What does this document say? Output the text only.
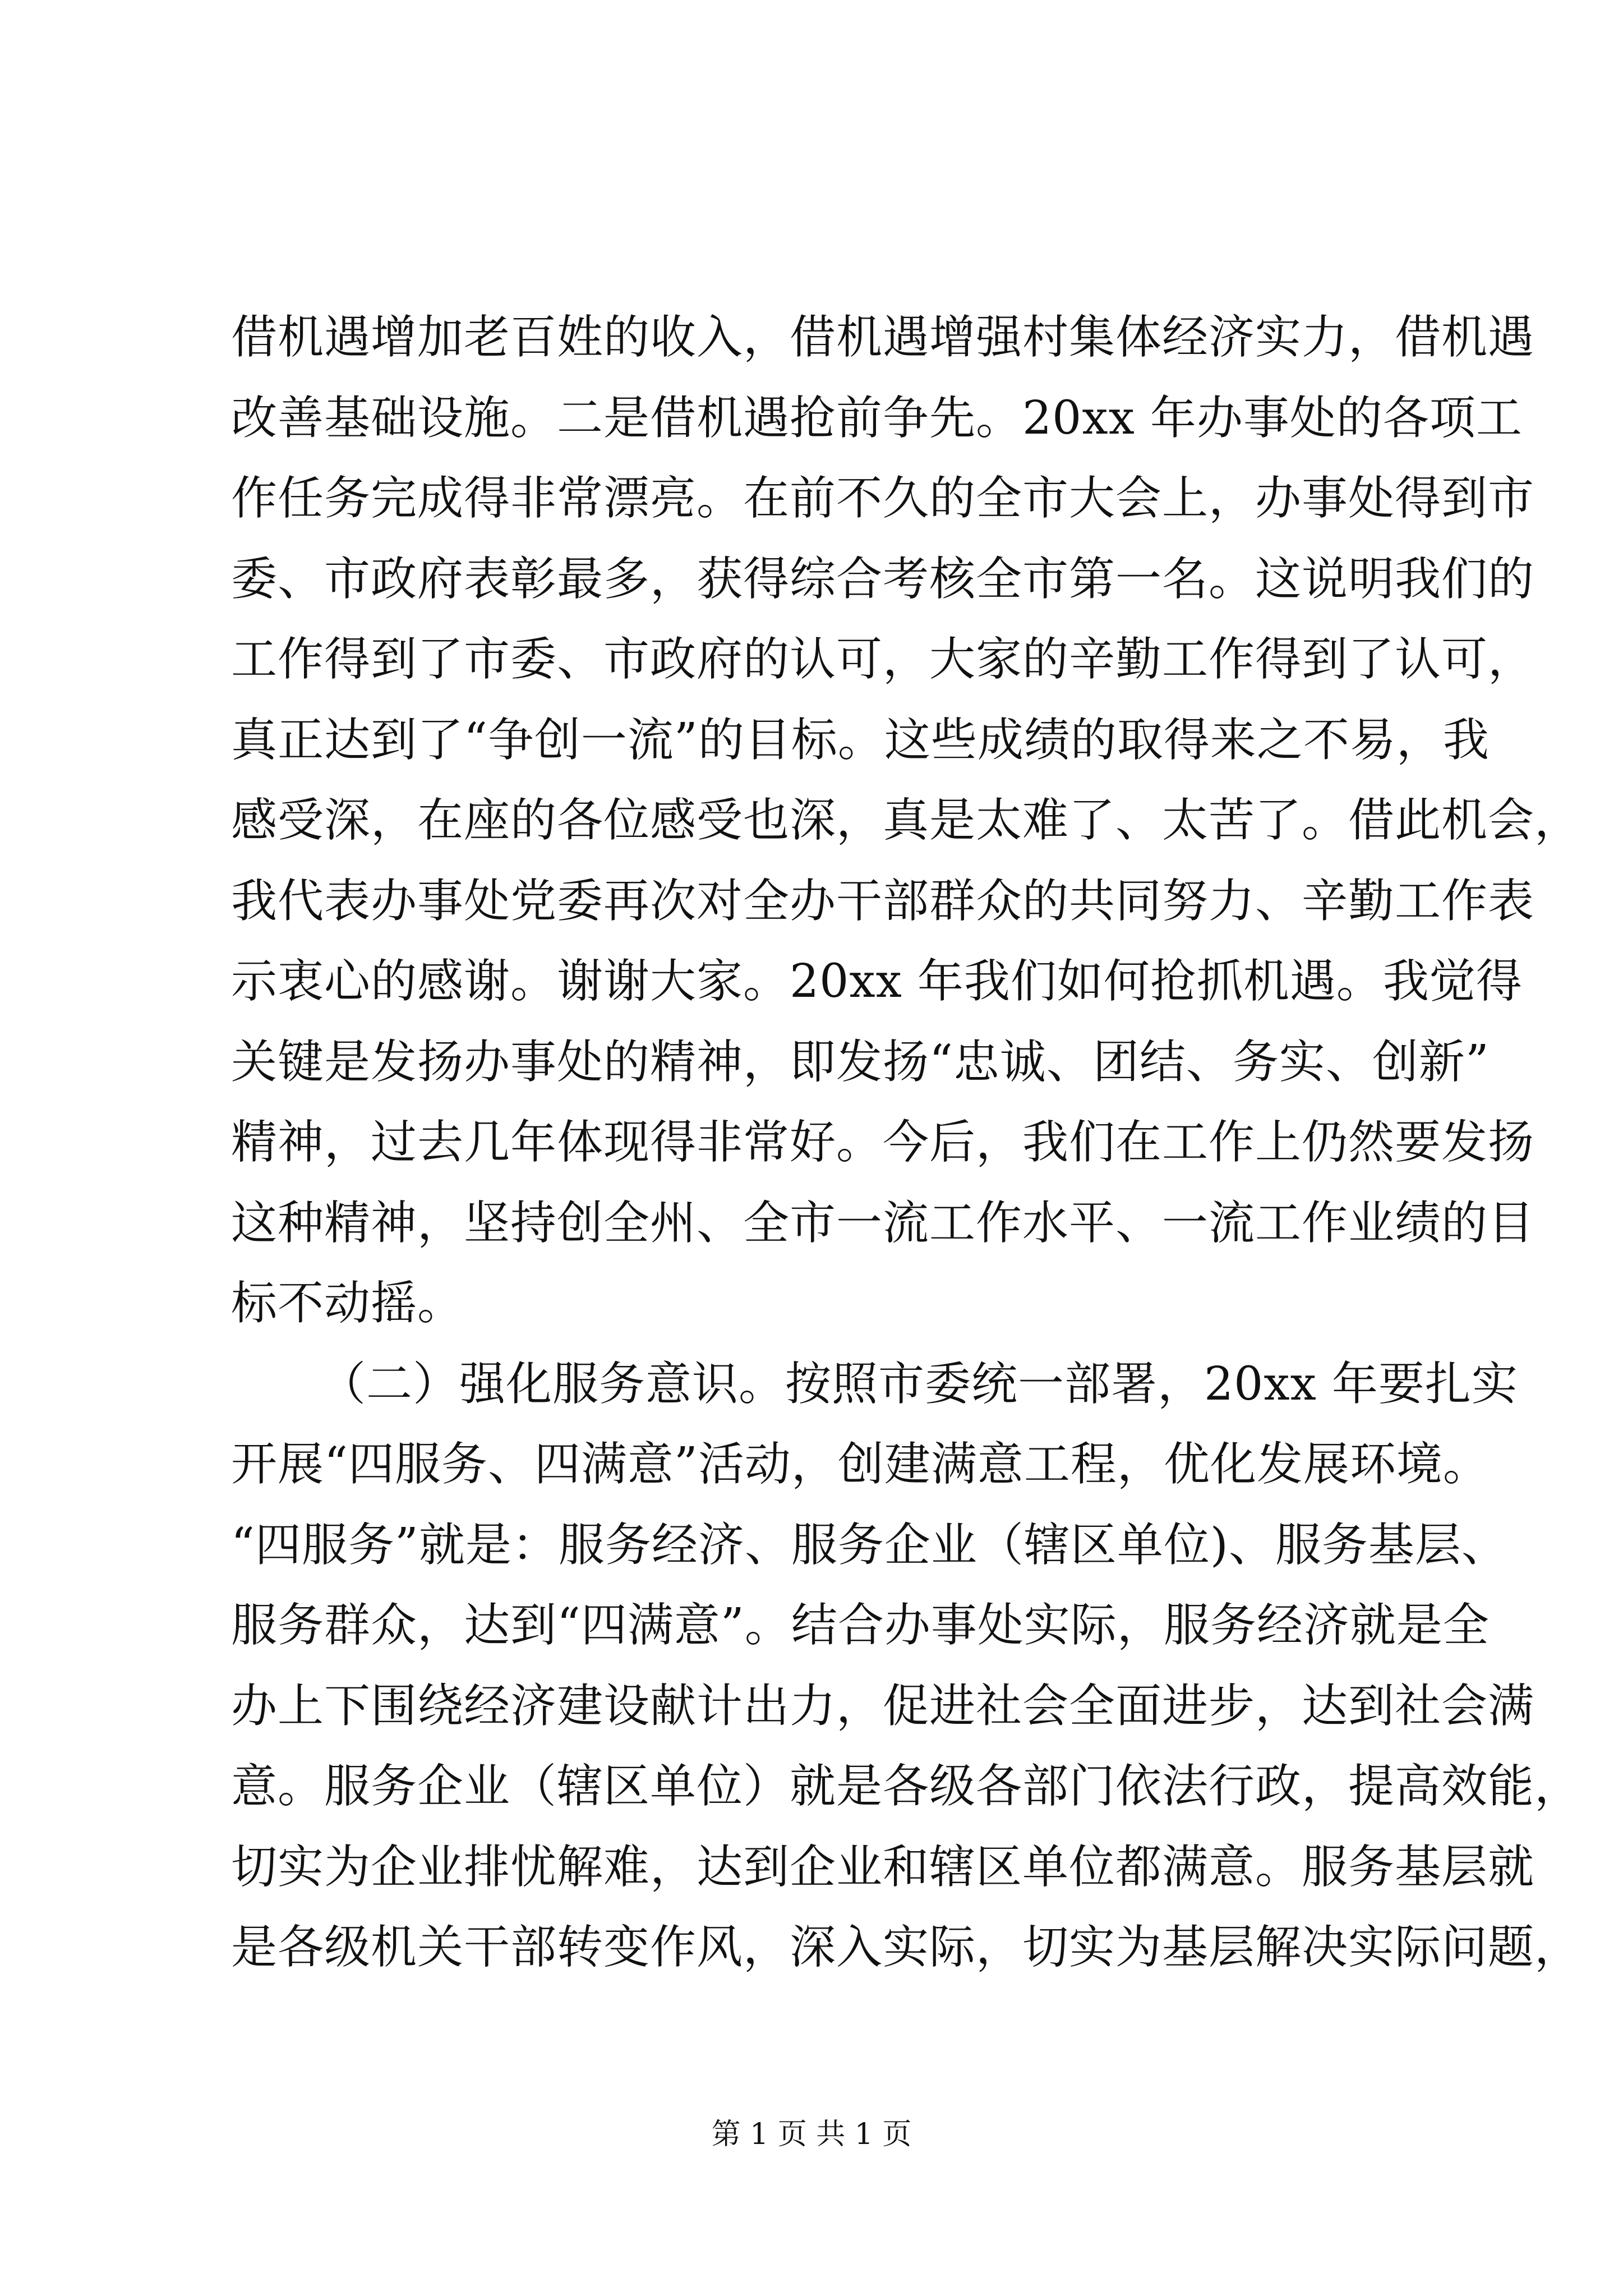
借机遇增加老百姓的收入，借机遇增强村集体经济实力，借机遇
改善基础设施。二是借机遇抢前争先。20xx 年办事处的各项工
作任务完成得非常漂亮。在前不久的全市大会上，办事处得到市
委、市政府表彰最多，获得综合考核全市第一名。这说明我们的
工作得到了市委、市政府的认可，大家的辛勤工作得到了认可，
真正达到了“争创一流”的目标。这些成绩的取得来之不易，我
感受深，在座的各位感受也深，真是太难了、太苦了。借此机会，
我代表办事处党委再次对全办干部群众的共同努力、辛勤工作表
示衷心的感谢。谢谢大家。20xx 年我们如何抢抓机遇。我觉得
关键是发扬办事处的精神，即发扬“忠诚、团结、务实、创新”
精神，过去几年体现得非常好。今后，我们在工作上仍然要发扬
这种精神，坚持创全州、全市一流工作水平、一流工作业绩的目
标不动摇。
（二）强化服务意识。按照市委统一部署，20xx 年要扎实
开展“四服务、四满意”活动，创建满意工程，优化发展环境。
“四服务”就是：服务经济、服务企业（辖区单位)、服务基层、
服务群众，达到“四满意”。结合办事处实际，服务经济就是全
办上下围绕经济建设献计出力，促进社会全面进步，达到社会满
意。服务企业（辖区单位）就是各级各部门依法行政，提高效能，
切实为企业排忧解难，达到企业和辖区单位都满意。服务基层就
是各级机关干部转变作风，深入实际，切实为基层解决实际问题，
第 1 页 共 1 页
